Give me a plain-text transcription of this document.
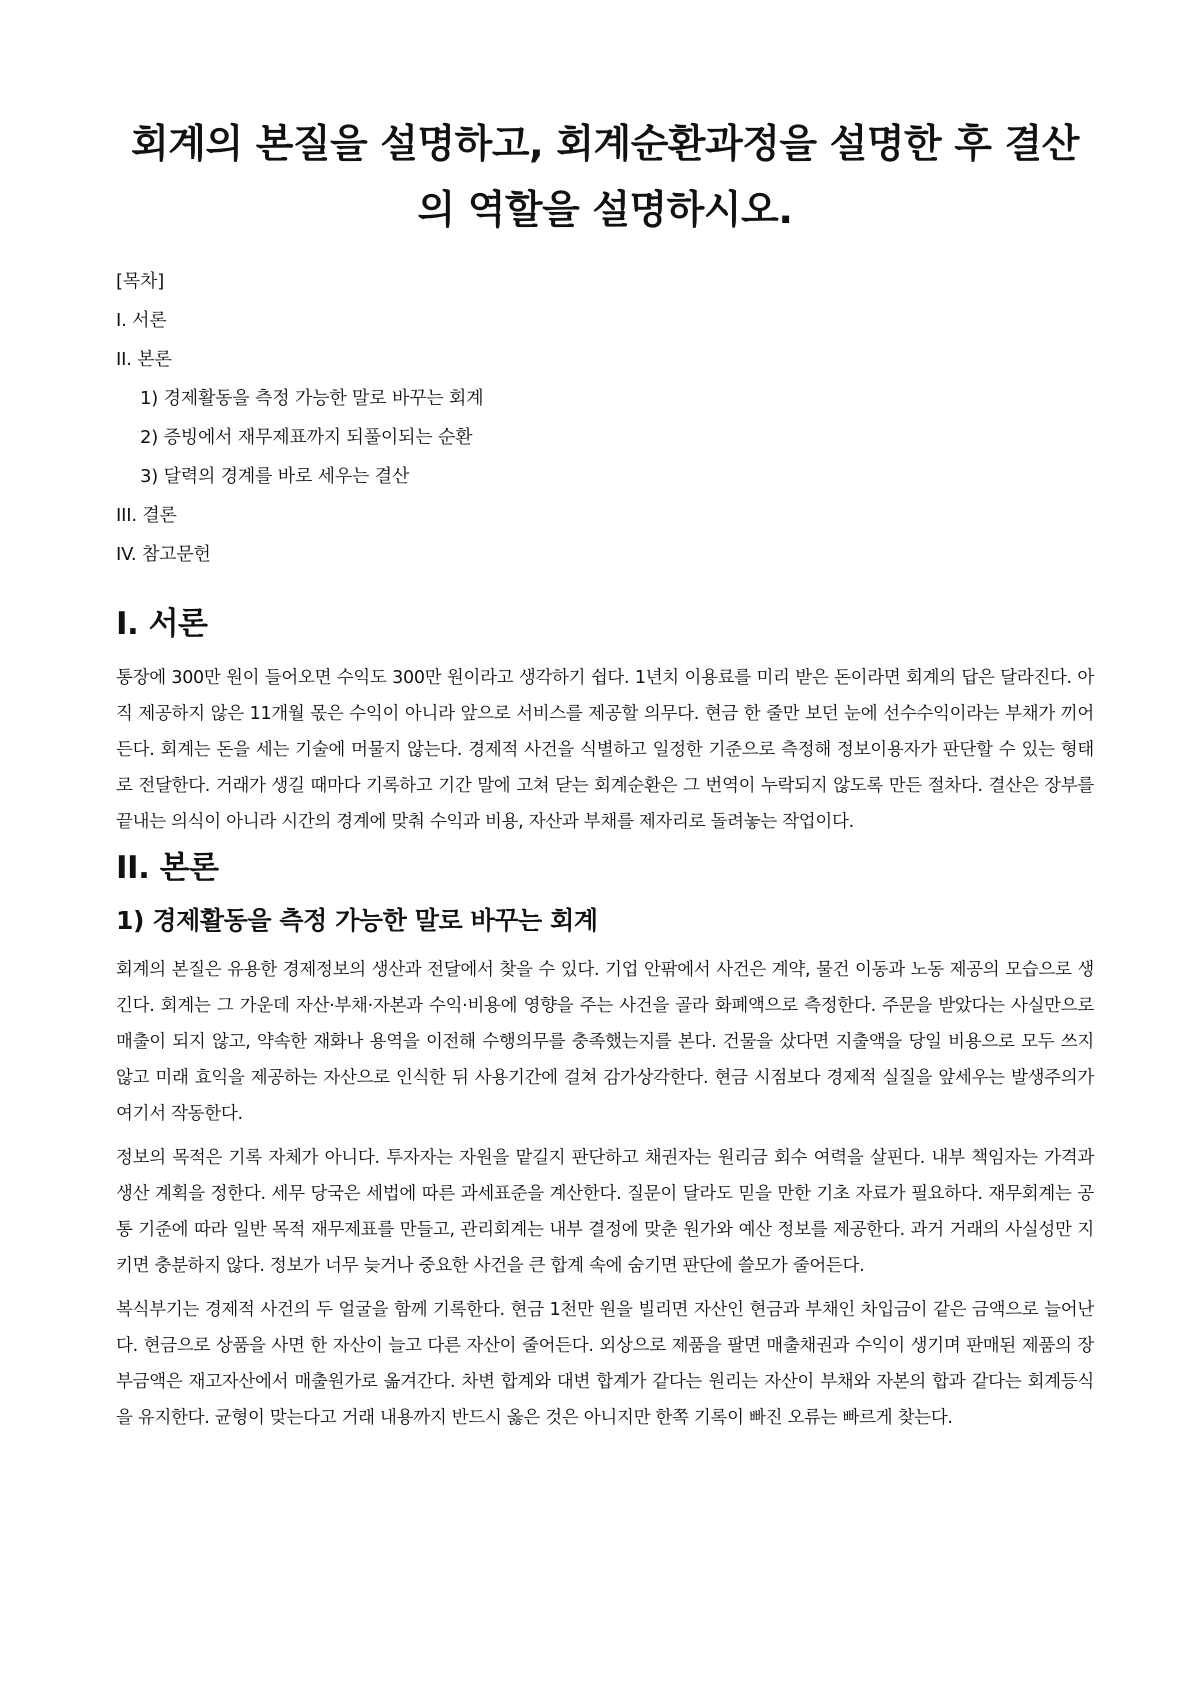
회계의 본질을 설명하고, 회계순환과정을 설명한 후 결산의 역할을 설명하시오.
[목차]
I. 서론
II. 본론
1) 경제활동을 측정 가능한 말로 바꾸는 회계
2) 증빙에서 재무제표까지 되풀이되는 순환
3) 달력의 경계를 바로 세우는 결산
III. 결론
IV. 참고문헌
I. 서론

통장에 300만 원이 들어오면 수익도 300만 원이라고 생각하기 쉽다. 1년치 이용료를 미리 받은 돈이라면 회계의 답은 달라진다. 아직 제공하지 않은 11개월 몫은 수익이 아니라 앞으로 서비스를 제공할 의무다. 현금 한 줄만 보던 눈에 선수수익이라는 부채가 끼어든다. 회계는 돈을 세는 기술에 머물지 않는다. 경제적 사건을 식별하고 일정한 기준으로 측정해 정보이용자가 판단할 수 있는 형태로 전달한다. 거래가 생길 때마다 기록하고 기간 말에 고쳐 닫는 회계순환은 그 번역이 누락되지 않도록 만든 절차다. 결산은 장부를 끝내는 의식이 아니라 시간의 경계에 맞춰 수익과 비용, 자산과 부채를 제자리로 돌려놓는 작업이다.

II. 본론
1) 경제활동을 측정 가능한 말로 바꾸는 회계

회계의 본질은 유용한 경제정보의 생산과 전달에서 찾을 수 있다. 기업 안팎에서 사건은 계약, 물건 이동과 노동 제공의 모습으로 생긴다. 회계는 그 가운데 자산·부채·자본과 수익·비용에 영향을 주는 사건을 골라 화폐액으로 측정한다. 주문을 받았다는 사실만으로 매출이 되지 않고, 약속한 재화나 용역을 이전해 수행의무를 충족했는지를 본다. 건물을 샀다면 지출액을 당일 비용으로 모두 쓰지 않고 미래 효익을 제공하는 자산으로 인식한 뒤 사용기간에 걸쳐 감가상각한다. 현금 시점보다 경제적 실질을 앞세우는 발생주의가 여기서 작동한다.

정보의 목적은 기록 자체가 아니다. 투자자는 자원을 맡길지 판단하고 채권자는 원리금 회수 여력을 살핀다. 내부 책임자는 가격과 생산 계획을 정한다. 세무 당국은 세법에 따른 과세표준을 계산한다. 질문이 달라도 믿을 만한 기초 자료가 필요하다. 재무회계는 공통 기준에 따라 일반 목적 재무제표를 만들고, 관리회계는 내부 결정에 맞춘 원가와 예산 정보를 제공한다. 과거 거래의 사실성만 지키면 충분하지 않다. 정보가 너무 늦거나 중요한 사건을 큰 합계 속에 숨기면 판단에 쓸모가 줄어든다.

복식부기는 경제적 사건의 두 얼굴을 함께 기록한다. 현금 1천만 원을 빌리면 자산인 현금과 부채인 차입금이 같은 금액으로 늘어난다. 현금으로 상품을 사면 한 자산이 늘고 다른 자산이 줄어든다. 외상으로 제품을 팔면 매출채권과 수익이 생기며 판매된 제품의 장부금액은 재고자산에서 매출원가로 옮겨간다. 차변 합계와 대변 합계가 같다는 원리는 자산이 부채와 자본의 합과 같다는 회계등식을 유지한다. 균형이 맞는다고 거래 내용까지 반드시 옳은 것은 아니지만 한쪽 기록이 빠진 오류는 빠르게 찾는다.
